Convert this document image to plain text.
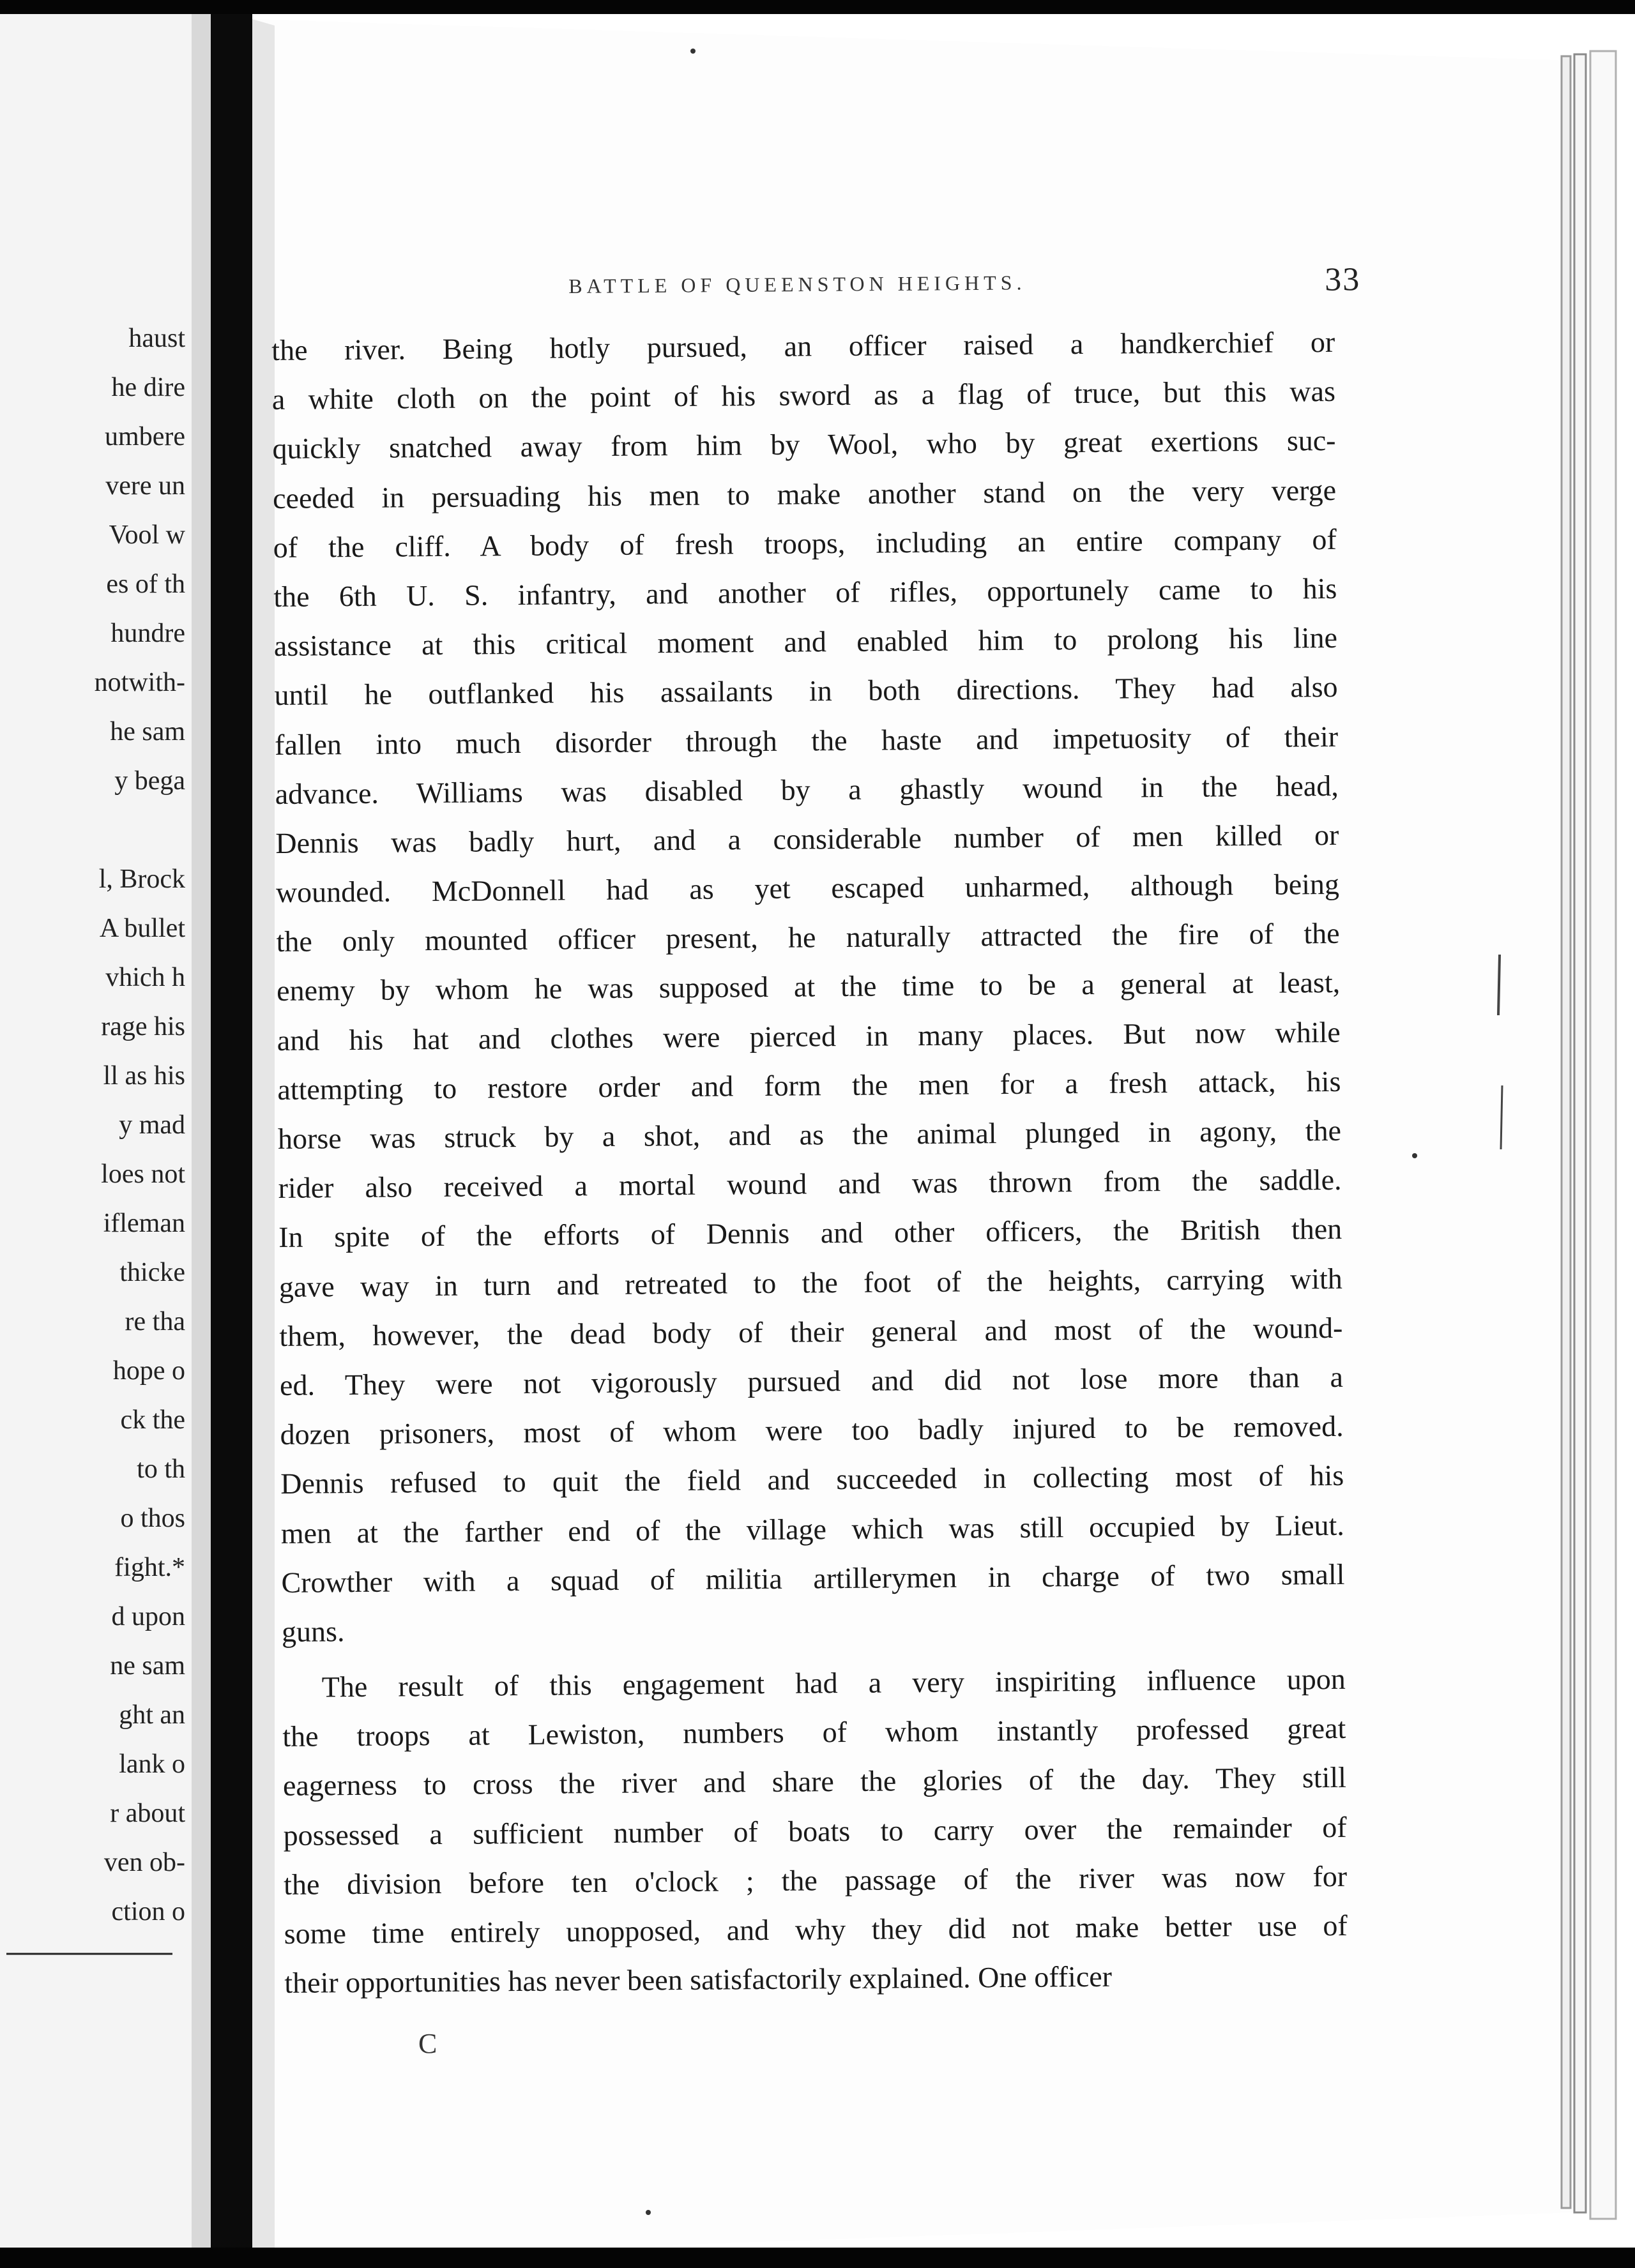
haust
he dire
umbere
vere un
Vool w
es of th
hundre
notwith-
he sam
y bega
l, Brock
A bullet
vhich h
rage his
ll as his
y mad
loes not
ifleman
thicke
re tha
hope o
ck the
to th
o thos
fight.*
d upon
ne sam
ght an
lank o
r about
ven ob-
ction o
BATTLE OF QUEENSTON HEIGHTS.	33
the river. Being hotly pursued, an officer raised a handkerchief or
a white cloth on the point of his sword as a flag of truce, but this was
quickly snatched away from him by Wool, who by great exertions suc-
ceeded in persuading his men to make another stand on the very verge
of the cliff. A body of fresh troops, including an entire company of
the 6th U. S. infantry, and another of rifles, opportunely came to his
assistance at this critical moment and enabled him to prolong his line
until he outflanked his assailants in both directions. They had also
fallen into much disorder through the haste and impetuosity of their
advance. Williams was disabled by a ghastly wound in the head,
Dennis was badly hurt, and a considerable number of men killed or
wounded. McDonnell had as yet escaped unharmed, although being
the only mounted officer present, he naturally attracted the fire of the
enemy by whom he was supposed at the time to be a general at least,
and his hat and clothes were pierced in many places. But now while
attempting to restore order and form the men for a fresh attack, his
horse was struck by a shot, and as the animal plunged in agony, the
rider also received a mortal wound and was thrown from the saddle.
In spite of the efforts of Dennis and other officers, the British then
gave way in turn and retreated to the foot of the heights, carrying with
them, however, the dead body of their general and most of the wound-
ed. They were not vigorously pursued and did not lose more than a
dozen prisoners, most of whom were too badly injured to be removed.
Dennis refused to quit the field and succeeded in collecting most of his
men at the farther end of the village which was still occupied by Lieut.
Crowther with a squad of militia artillerymen in charge of two small
guns.
The result of this engagement had a very inspiriting influence upon
the troops at Lewiston, numbers of whom instantly professed great
eagerness to cross the river and share the glories of the day. They still
possessed a sufficient number of boats to carry over the remainder of
the division before ten o'clock ; the passage of the river was now for
some time entirely unopposed, and why they did not make better use of
their opportunities has never been satisfactorily explained. One officer
C
